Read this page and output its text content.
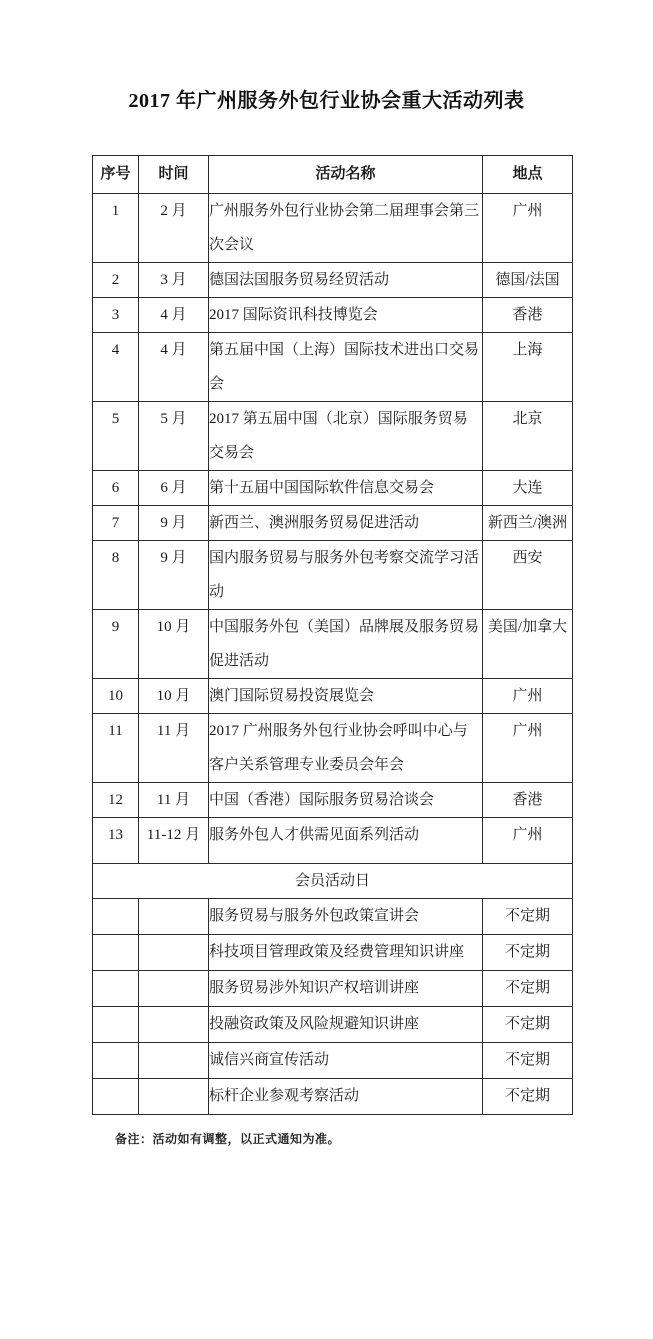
2017 年广州服务外包行业协会重大活动列表
序号	时间	活动名称	地点
1	2 月	广州服务外包行业协会第二届理事会第三次会议	广州
2	3 月	德国法国服务贸易经贸活动	德国/法国
3	4 月	2017 国际资讯科技博览会	香港
4	4 月	第五届中国（上海）国际技术进出口交易会	上海
5	5 月	2017 第五届中国（北京）国际服务贸易交易会	北京
6	6 月	第十五届中国国际软件信息交易会	大连
7	9 月	新西兰、澳洲服务贸易促进活动	新西兰/澳洲
8	9 月	国内服务贸易与服务外包考察交流学习活动	西安
9	10 月	中国服务外包（美国）品牌展及服务贸易促进活动	美国/加拿大
10	10 月	澳门国际贸易投资展览会	广州
11	11 月	2017 广州服务外包行业协会呼叫中心与客户关系管理专业委员会年会	广州
12	11 月	中国（香港）国际服务贸易洽谈会	香港
13	11-12 月	服务外包人才供需见面系列活动	广州
会员活动日			
		服务贸易与服务外包政策宣讲会	不定期
		科技项目管理政策及经费管理知识讲座	不定期
		服务贸易涉外知识产权培训讲座	不定期
		投融资政策及风险规避知识讲座	不定期
		诚信兴商宣传活动	不定期
		标杆企业参观考察活动	不定期

备注：活动如有调整，以正式通知为准。
